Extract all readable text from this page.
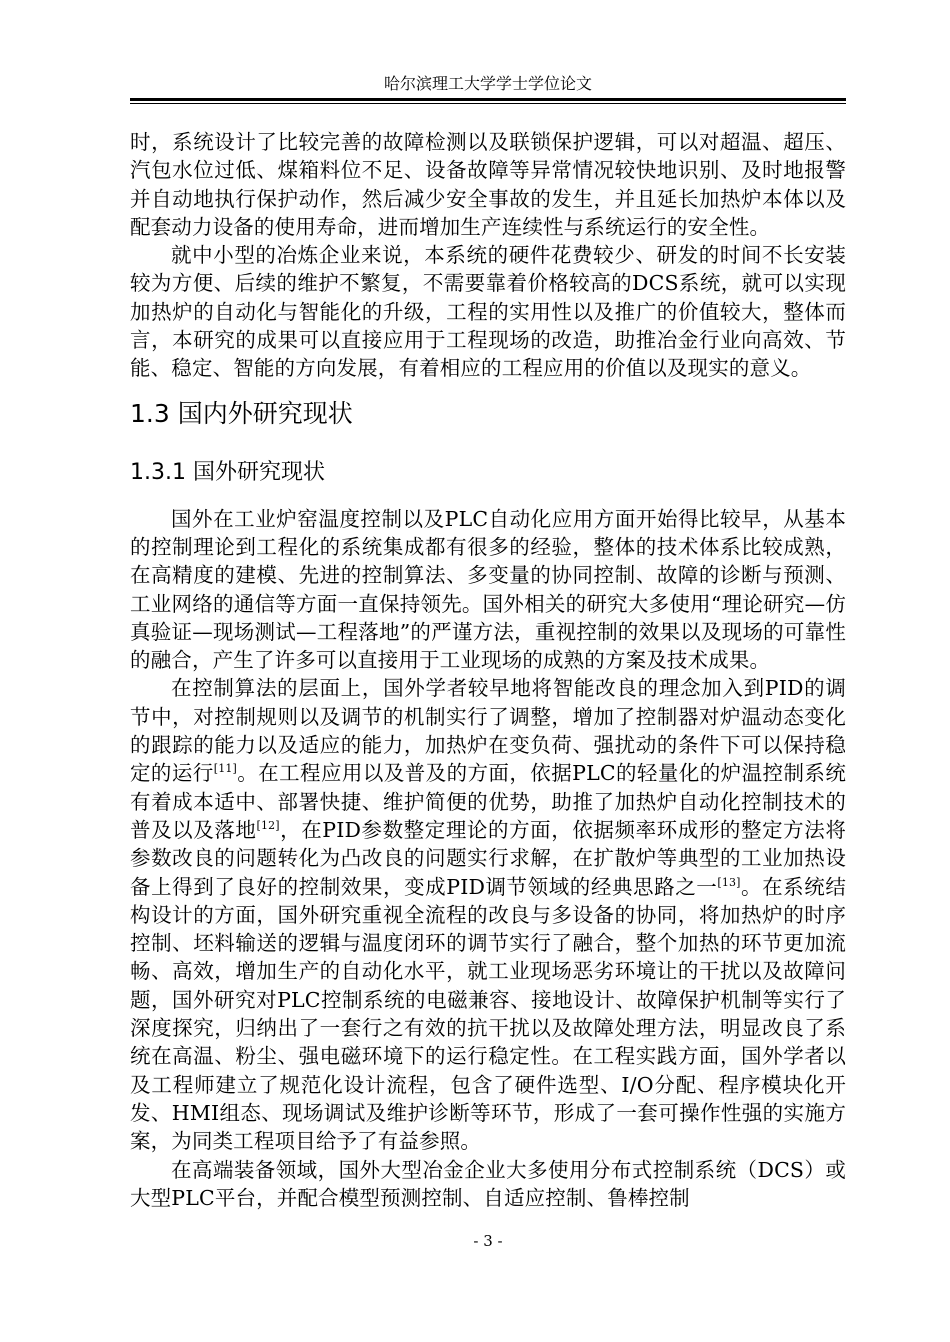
哈尔滨理工大学学士学位论文

时，系统设计了比较完善的故障检测以及联锁保护逻辑，可以对超温、超压、汽包水位过低、煤箱料位不足、设备故障等异常情况较快地识别、及时地报警并自动地执行保护动作，然后减少安全事故的发生，并且延长加热炉本体以及配套动力设备的使用寿命，进而增加生产连续性与系统运行的安全性。

就中小型的冶炼企业来说，本系统的硬件花费较少、研发的时间不长安装较为方便、后续的维护不繁复，不需要靠着价格较高的DCS系统，就可以实现加热炉的自动化与智能化的升级，工程的实用性以及推广的价值较大，整体而言，本研究的成果可以直接应用于工程现场的改造，助推冶金行业向高效、节能、稳定、智能的方向发展，有着相应的工程应用的价值以及现实的意义。

1.3 国内外研究现状
1.3.1 国外研究现状

国外在工业炉窑温度控制以及PLC自动化应用方面开始得比较早，从基本的控制理论到工程化的系统集成都有很多的经验，整体的技术体系比较成熟，在高精度的建模、先进的控制算法、多变量的协同控制、故障的诊断与预测、工业网络的通信等方面一直保持领先。国外相关的研究大多使用“理论研究—仿真验证—现场测试—工程落地”的严谨方法，重视控制的效果以及现场的可靠性的融合，产生了许多可以直接用于工业现场的成熟的方案及技术成果。

在控制算法的层面上，国外学者较早地将智能改良的理念加入到PID的调节中，对控制规则以及调节的机制实行了调整，增加了控制器对炉温动态变化的跟踪的能力以及适应的能力，加热炉在变负荷、强扰动的条件下可以保持稳定的运行[11]。在工程应用以及普及的方面，依据PLC的轻量化的炉温控制系统有着成本适中、部署快捷、维护简便的优势，助推了加热炉自动化控制技术的普及以及落地[12]，在PID参数整定理论的方面，依据频率环成形的整定方法将参数改良的问题转化为凸改良的问题实行求解，在扩散炉等典型的工业加热设备上得到了良好的控制效果，变成PID调节领域的经典思路之一[13]。在系统结构设计的方面，国外研究重视全流程的改良与多设备的协同，将加热炉的时序控制、坯料输送的逻辑与温度闭环的调节实行了融合，整个加热的环节更加流畅、高效，增加生产的自动化水平，就工业现场恶劣环境让的干扰以及故障问题，国外研究对PLC控制系统的电磁兼容、接地设计、故障保护机制等实行了深度探究，归纳出了一套行之有效的抗干扰以及故障处理方法，明显改良了系统在高温、粉尘、强电磁环境下的运行稳定性。在工程实践方面，国外学者以及工程师建立了规范化设计流程，包含了硬件选型、I/O分配、程序模块化开发、HMI组态、现场调试及维护诊断等环节，形成了一套可操作性强的实施方案，为同类工程项目给予了有益参照。

在高端装备领域，国外大型冶金企业大多使用分布式控制系统（DCS）或大型PLC平台，并配合模型预测控制、自适应控制、鲁棒控制

- 3 -
